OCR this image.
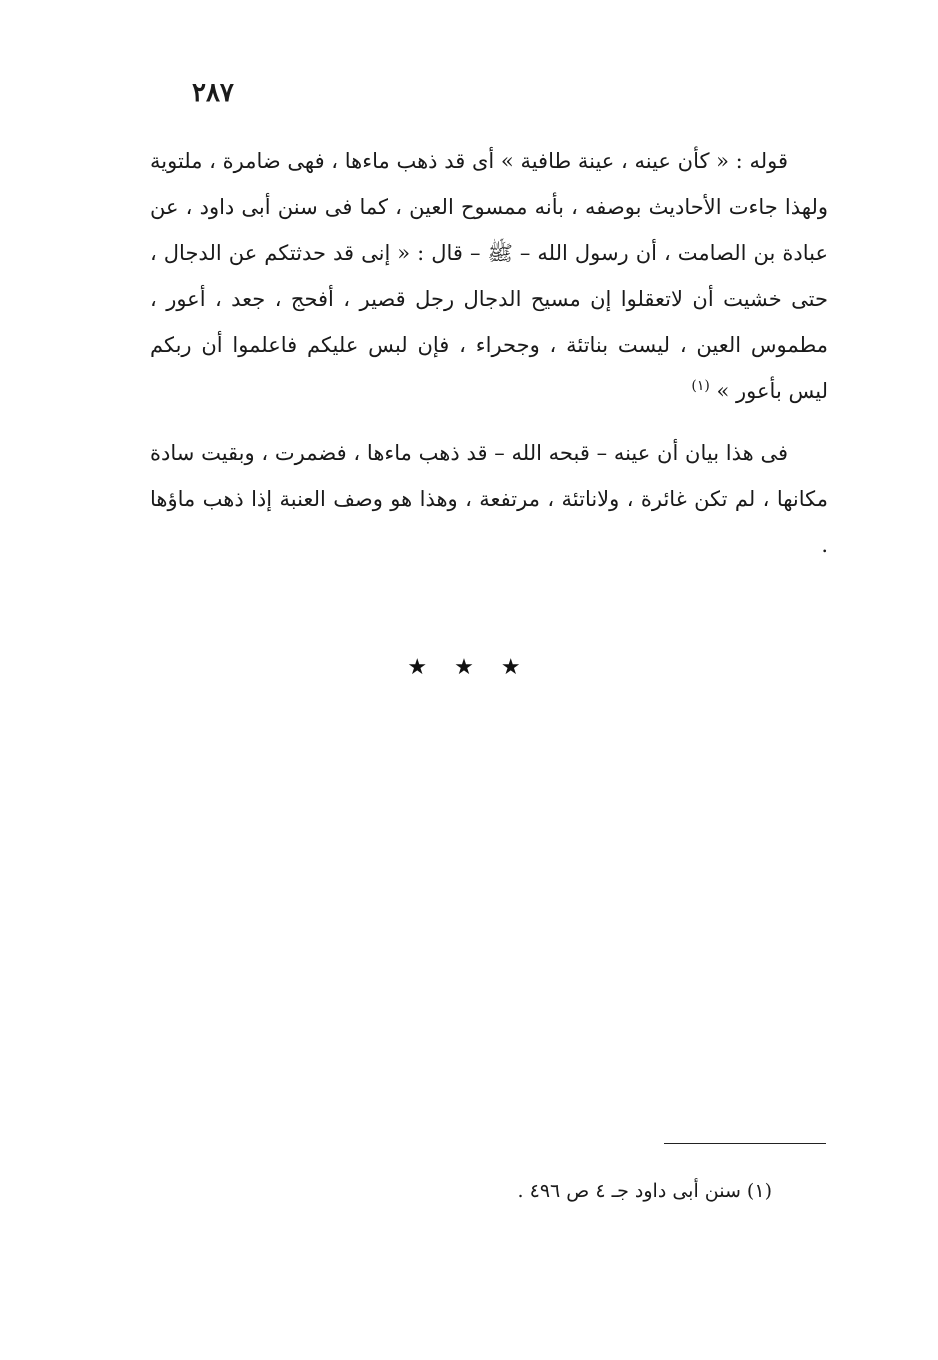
٢٨٧

قوله : « كأن عينه ، عينة طافية » أى قد ذهب ماءها ، فهى ضامرة ، ملتوية ولهذا جاءت الأحاديث بوصفه ، بأنه ممسوح العين ، كما فى سنن أبى داود ، عن عبادة بن الصامت ، أن رسول الله – ﷺ – قال : « إنى قد حدثتكم عن الدجال ، حتى خشيت أن لاتعقلوا إن مسيح الدجال رجل قصير ، أفحج ، جعد ، أعور ، مطموس العين ، ليست بناتئة ، وجحراء ، فإن لبس عليكم فاعلموا أن ربكم ليس بأعور » $^{(١)}$

فى هذا بيان أن عينه – قبحه الله – قد ذهب ماءها ، فضمرت ، وبقيت سادة مكانها ، لم تكن غائرة ، ولاناتئة ، مرتفعة ، وهذا هو وصف العنبة إذا ذهب ماؤها .

★ ★ ★
(١) سنن أبى داود جـ ٤ ص ٤٩٦ .
